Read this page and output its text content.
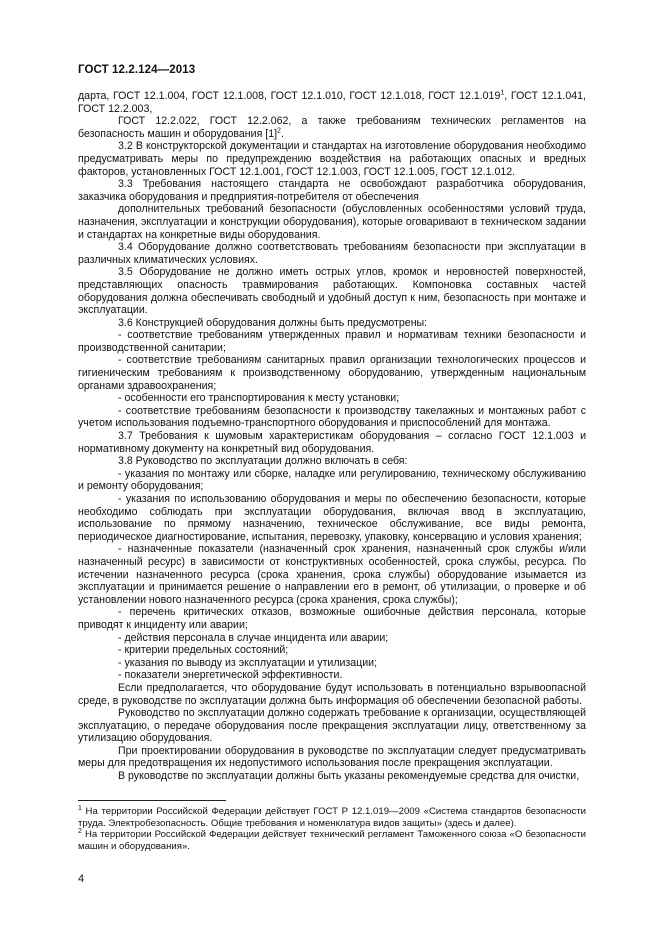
ГОСТ 12.2.124—2013

дарта, ГОСТ 12.1.004, ГОСТ 12.1.008, ГОСТ 12.1.010, ГОСТ 12.1.018, ГОСТ 12.1.019$^1$, ГОСТ 12.1.041, ГОСТ 12.2.003,

ГОСТ 12.2.022, ГОСТ 12.2.062, а также требованиям технических регламентов на безопасность машин и оборудования $[1]^2$.

3.2 В конструкторской документации и стандартах на изготовление оборудования необходимо предусматривать меры по предупреждению воздействия на работающих опасных и вредных факторов, установленных ГОСТ 12.1.001, ГОСТ 12.1.003, ГОСТ 12.1.005, ГОСТ 12.1.012.

3.3 Требования настоящего стандарта не освобождают разработчика оборудования, заказчика оборудования и предприятия-потребителя от обеспечения

дополнительных требований безопасности (обусловленных особенностями условий труда, назначения, эксплуатации и конструкции оборудования), которые оговаривают в техническом задании и стандартах на конкретные виды оборудования.

3.4 Оборудование должно соответствовать требованиям безопасности при эксплуатации в различных климатических условиях.

3.5 Оборудование не должно иметь острых углов, кромок и неровностей поверхностей, представляющих опасность травмирования работающих. Компоновка составных частей оборудования должна обеспечивать свободный и удобный доступ к ним, безопасность при монтаже и эксплуатации.

3.6 Конструкцией оборудования должны быть предусмотрены:

- соответствие требованиям утвержденных правил и нормативам техники безопасности и производственной санитарии;

- соответствие требованиям санитарных правил организации технологических процессов и гигиеническим требованиям к производственному оборудованию, утвержденным национальным органами здравоохранения;

- особенности его транспортирования к месту установки;

- соответствие требованиям безопасности к производству такелажных и монтажных работ с учетом использования подъемно-транспортного оборудования и приспособлений для монтажа.

3.7 Требования к шумовым характеристикам оборудования – согласно ГОСТ 12.1.003 и нормативному документу на конкретный вид оборудования.

3.8 Руководство по эксплуатации должно включать в себя:

- указания по монтажу или сборке, наладке или регулированию, техническому обслуживанию и ремонту оборудования;

- указания по использованию оборудования и меры по обеспечению безопасности, которые необходимо соблюдать при эксплуатации оборудования, включая ввод в эксплуатацию, использование по прямому назначению, техническое обслуживание, все виды ремонта, периодическое диагностирование, испытания, перевозку, упаковку, консервацию и условия хранения;

- назначенные показатели (назначенный срок хранения, назначенный срок службы и/или назначенный ресурс) в зависимости от конструктивных особенностей, срока службы, ресурса. По истечении назначенного ресурса (срока хранения, срока службы) оборудование изымается из эксплуатации и принимается решение о направлении его в ремонт, об утилизации, о проверке и об установлении нового назначенного ресурса (срока хранения, срока службы);

- перечень критических отказов, возможные ошибочные действия персонала, которые приводят к инциденту или аварии;

- действия персонала в случае инцидента или аварии;

- критерии предельных состояний;

- указания по выводу из эксплуатации и утилизации;

- показатели энергетической эффективности.

Если предполагается, что оборудование будут использовать в потенциально взрывоопасной среде, в руководстве по эксплуатации должна быть информация об обеспечении безопасной работы.

Руководство по эксплуатации должно содержать требование к организации, осуществляющей эксплуатацию, о передаче оборудования после прекращения эксплуатации лицу, ответственному за утилизацию оборудования.

При проектировании оборудования в руководстве по эксплуатации следует предусматривать меры для предотвращения их недопустимого использования после прекращения эксплуатации.

В руководстве по эксплуатации должны быть указаны рекомендуемые средства для очистки,

$^1$ На территории Российской Федерации действует ГОСТ Р 12.1.019—2009 «Система стандартов безопасности труда. Электробезопасность. Общие требования и номенклатура видов защиты» (здесь и далее).

$^2$ На территории Российской Федерации действует технический регламент Таможенного союза «О безопасности машин и оборудования».

4
